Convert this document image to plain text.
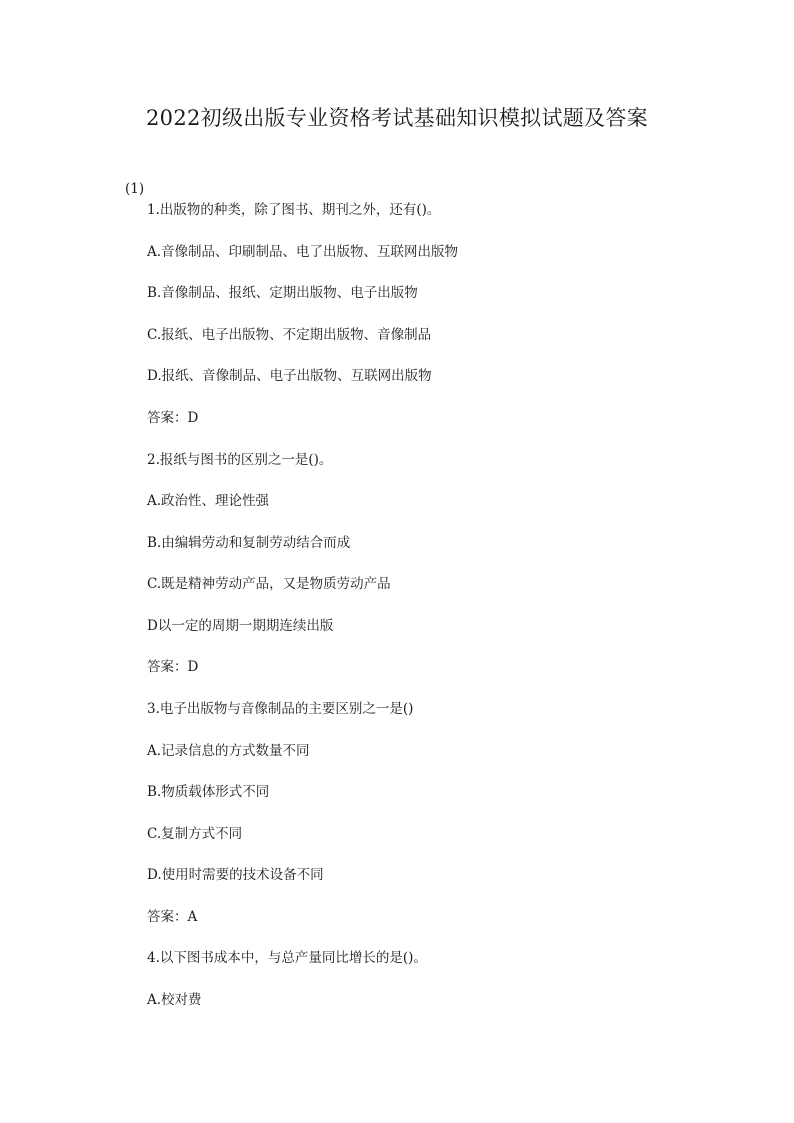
2022初级出版专业资格考试基础知识模拟试题及答案
(1)
1.出版物的种类，除了图书、期刊之外，还有()。
A.音像制品、印刷制品、电了出版物、互联网出版物
B.音像制品、报纸、定期出版物、电子出版物
C.报纸、电子出版物、不定期出版物、音像制品
D.报纸、音像制品、电子出版物、互联网出版物
答案：D
2.报纸与图书的区别之一是()。
A.政治性、理论性强
B.由编辑劳动和复制劳动结合而成
C.既是精神劳动产品，又是物质劳动产品
D以一定的周期一期期连续出版
答案：D
3.电子出版物与音像制品的主要区别之一是()
A.记录信息的方式数量不同
B.物质载体形式不同
C.复制方式不同
D.使用时需要的技术设备不同
答案：A
4.以下图书成本中，与总产量同比增长的是()。
A.校对费
